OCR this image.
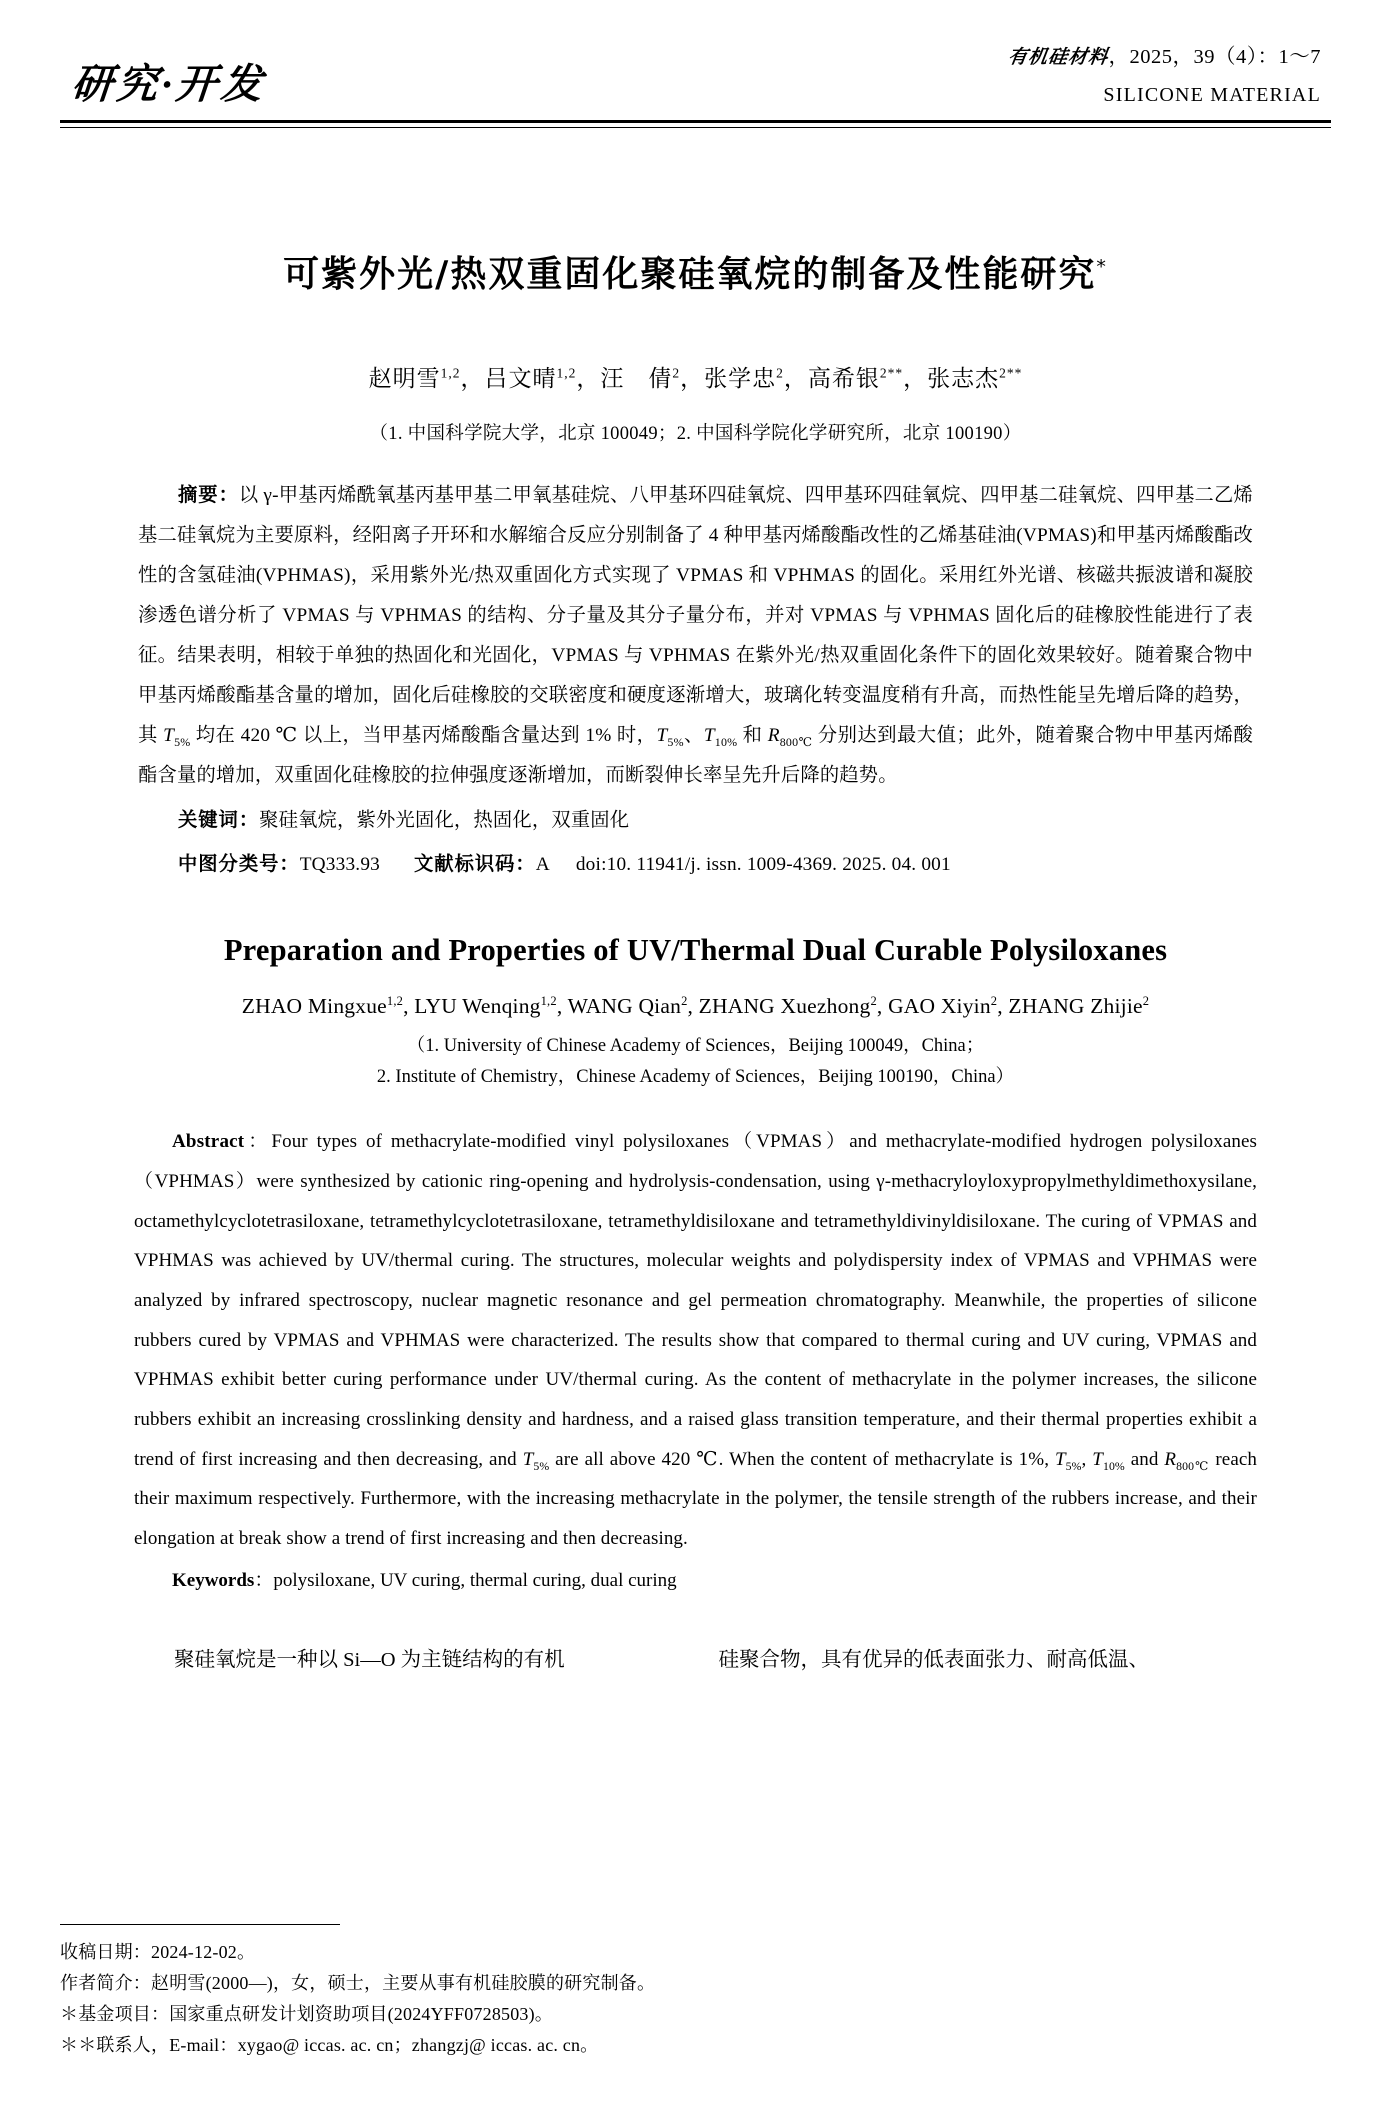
研究·开发
有机硅材料，2025，39（4）：1～7
SILICONE MATERIAL
可紫外光/热双重固化聚硅氧烷的制备及性能研究*
赵明雪$^{1,2}$，吕文晴$^{1,2}$，汪　倩$^2$，张学忠$^2$，高希银$^{2**}$，张志杰$^{2**}$
（1. 中国科学院大学，北京 100049；2. 中国科学院化学研究所，北京 100190）
摘要：以 γ-甲基丙烯酰氧基丙基甲基二甲氧基硅烷、八甲基环四硅氧烷、四甲基环四硅氧烷、四甲基二硅氧烷、四甲基二乙烯基二硅氧烷为主要原料，经阳离子开环和水解缩合反应分别制备了 4 种甲基丙烯酸酯改性的乙烯基硅油(VPMAS)和甲基丙烯酸酯改性的含氢硅油(VPHMAS)，采用紫外光/热双重固化方式实现了 VPMAS 和 VPHMAS 的固化。采用红外光谱、核磁共振波谱和凝胶渗透色谱分析了 VPMAS 与 VPHMAS 的结构、分子量及其分子量分布，并对 VPMAS 与 VPHMAS 固化后的硅橡胶性能进行了表征。结果表明，相较于单独的热固化和光固化，VPMAS 与 VPHMAS 在紫外光/热双重固化条件下的固化效果较好。随着聚合物中甲基丙烯酸酯基含量的增加，固化后硅橡胶的交联密度和硬度逐渐增大，玻璃化转变温度稍有升高，而热性能呈先增后降的趋势，其 $T_{5\%}$ 均在 420 ℃ 以上，当甲基丙烯酸酯含量达到 1% 时，$T_{5\%}$、$T_{10\%}$ 和 $R_{800℃}$ 分别达到最大值；此外，随着聚合物中甲基丙烯酸酯含量的增加，双重固化硅橡胶的拉伸强度逐渐增加，而断裂伸长率呈先升后降的趋势。
关键词：聚硅氧烷，紫外光固化，热固化，双重固化
中图分类号：TQ333.93 文献标识码：A doi:10. 11941/j. issn. 1009-4369. 2025. 04. 001
Preparation and Properties of UV/Thermal Dual Curable Polysiloxanes
ZHAO Mingxue$^{1,2}$, LYU Wenqing$^{1,2}$, WANG Qian$^2$, ZHANG Xuezhong$^2$, GAO Xiyin$^2$, ZHANG Zhijie$^2$
（1. University of Chinese Academy of Sciences，Beijing 100049，China；
2. Institute of Chemistry，Chinese Academy of Sciences，Beijing 100190，China）
Abstract：Four types of methacrylate-modified vinyl polysiloxanes（VPMAS）and methacrylate-modified hydrogen polysiloxanes（VPHMAS）were synthesized by cationic ring-opening and hydrolysis-condensation, using γ-methacryloyloxypropylmethyldimethoxysilane, octamethylcyclotetrasiloxane, tetramethylcyclotetrasiloxane, tetramethyldisiloxane and tetramethyldivinyldisiloxane. The curing of VPMAS and VPHMAS was achieved by UV/thermal curing. The structures, molecular weights and polydispersity index of VPMAS and VPHMAS were analyzed by infrared spectroscopy, nuclear magnetic resonance and gel permeation chromatography. Meanwhile, the properties of silicone rubbers cured by VPMAS and VPHMAS were characterized. The results show that compared to thermal curing and UV curing, VPMAS and VPHMAS exhibit better curing performance under UV/thermal curing. As the content of methacrylate in the polymer increases, the silicone rubbers exhibit an increasing crosslinking density and hardness, and a raised glass transition temperature, and their thermal properties exhibit a trend of first increasing and then decreasing, and $T_{5\%}$ are all above 420 ℃. When the content of methacrylate is 1%, $T_{5\%}$, $T_{10\%}$ and $R_{800℃}$ reach their maximum respectively. Furthermore, with the increasing methacrylate in the polymer, the tensile strength of the rubbers increase, and their elongation at break show a trend of first increasing and then decreasing.
Keywords：polysiloxane, UV curing, thermal curing, dual curing
聚硅氧烷是一种以 Si—O 为主链结构的有机	硅聚合物，具有优异的低表面张力、耐高低温、
收稿日期：2024-12-02。
作者简介：赵明雪(2000—)，女，硕士，主要从事有机硅胶膜的研究制备。
＊基金项目：国家重点研发计划资助项目(2024YFF0728503)。
＊＊联系人，E-mail：xygao@ iccas. ac. cn；zhangzj@ iccas. ac. cn。
